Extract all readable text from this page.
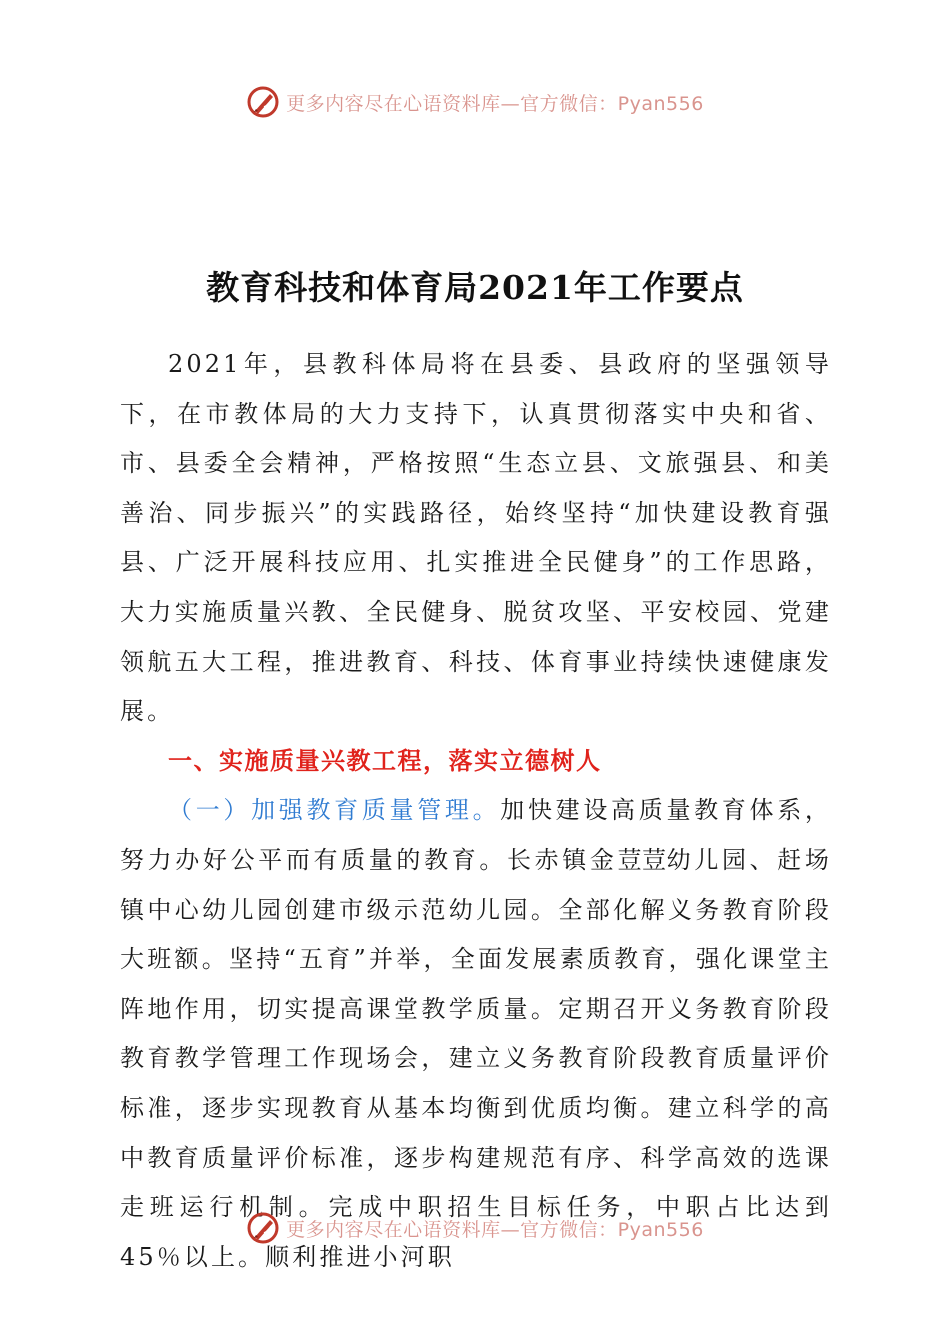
更多内容尽在心语资料库—官方微信：Pyan556
教育科技和体育局2021年工作要点

2021年，县教科体局将在县委、县政府的坚强领导下，在市教体局的大力支持下，认真贯彻落实中央和省、市、县委全会精神，严格按照“生态立县、文旅强县、和美善治、同步振兴”的实践路径，始终坚持“加快建设教育强县、广泛开展科技应用、扎实推进全民健身”的工作思路，大力实施质量兴教、全民健身、脱贫攻坚、平安校园、党建领航五大工程，推进教育、科技、体育事业持续快速健康发展。

一、实施质量兴教工程，落实立德树人

（一）加强教育质量管理。加快建设高质量教育体系，努力办好公平而有质量的教育。长赤镇金荳荳幼儿园、赶场镇中心幼儿园创建市级示范幼儿园。全部化解义务教育阶段大班额。坚持“五育”并举，全面发展素质教育，强化课堂主阵地作用，切实提高课堂教学质量。定期召开义务教育阶段教育教学管理工作现场会，建立义务教育阶段教育质量评价标准，逐步实现教育从基本均衡到优质均衡。建立科学的高中教育质量评价标准，逐步构建规范有序、科学高效的选课走班运行机制。完成中职招生目标任务，中职占比达到45％以上。顺利推进小河职

更多内容尽在心语资料库—官方微信：Pyan556
